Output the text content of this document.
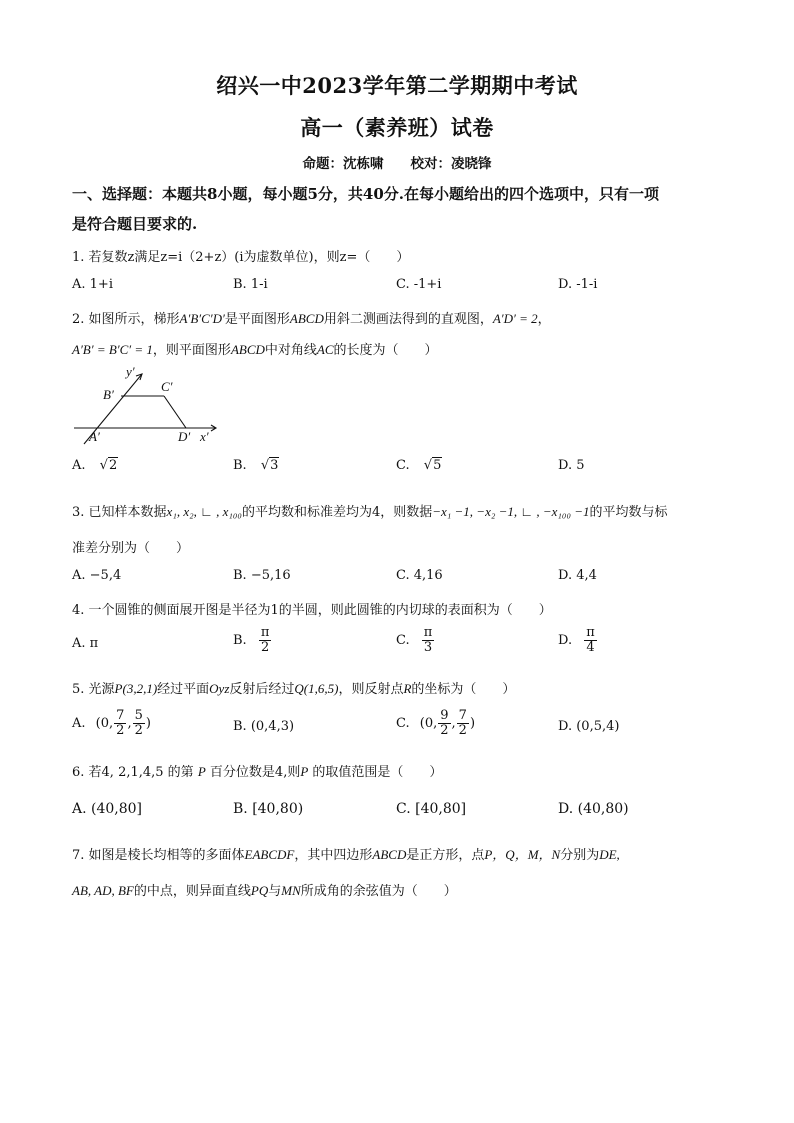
绍兴一中2023学年第二学期期中考试
高一（素养班）试卷
命题：沈栋啸　　校对：凌晓锋
一、选择题：本题共8小题，每小题5分，共40分.在每小题给出的四个选项中，只有一项
是符合题目要求的.
1. 若复数z满足z=i（2+z）(i为虚数单位)，则z=（　　）
A. 1+i	B. 1-i	C. -1+i	D. -1-i
2. 如图所示，梯形A′B′C′D′是平面图形ABCD用斜二测画法得到的直观图，A′D′ = 2，
A′B′ = B′C′ = 1，则平面图形ABCD中对角线AC的长度为（　　）
y′
x′
A′
B′
C′
D′
A. √2	B. √3	C. √5	D. 5
3. 已知样本数据x₁, x₂, ∟ , x₁₀₀的平均数和标准差均为4，则数据−x₁ −1, −x₂ −1, ∟ , −x₁₀₀ −1的平均数与标
准差分别为（　　）
A. −5,4	B. −5,16	C. 4,16	D. 4,4
4. 一个圆锥的侧面展开图是半径为1的半圆，则此圆锥的内切球的表面积为（　　）
A. π	B. $\frac{\pi}{2}$	C. $\frac{\pi}{3}$	D. $\frac{\pi}{4}$
5. 光源P(3,2,1)经过平面Oyz反射后经过Q(1,6,5)，则反射点R的坐标为（　　）
A. (0, $\frac{7}{2}$ , $\frac{5}{2}$ )	B. (0,4,3)	C. (0, $\frac{9}{2}$ , $\frac{7}{2}$ )	D. (0,5,4)
6. 若4, 2,1,4,5 的第 P 百分位数是4,则P 的取值范围是（　　）
A. (40,80]	B. [40,80)	C. [40,80]	D. (40,80)
7. 如图是棱长均相等的多面体EABCDF，其中四边形ABCD是正方形，点P，Q，M，N分别为DE,
AB, AD, BF的中点，则异面直线PQ与MN所成角的余弦值为（　　）
